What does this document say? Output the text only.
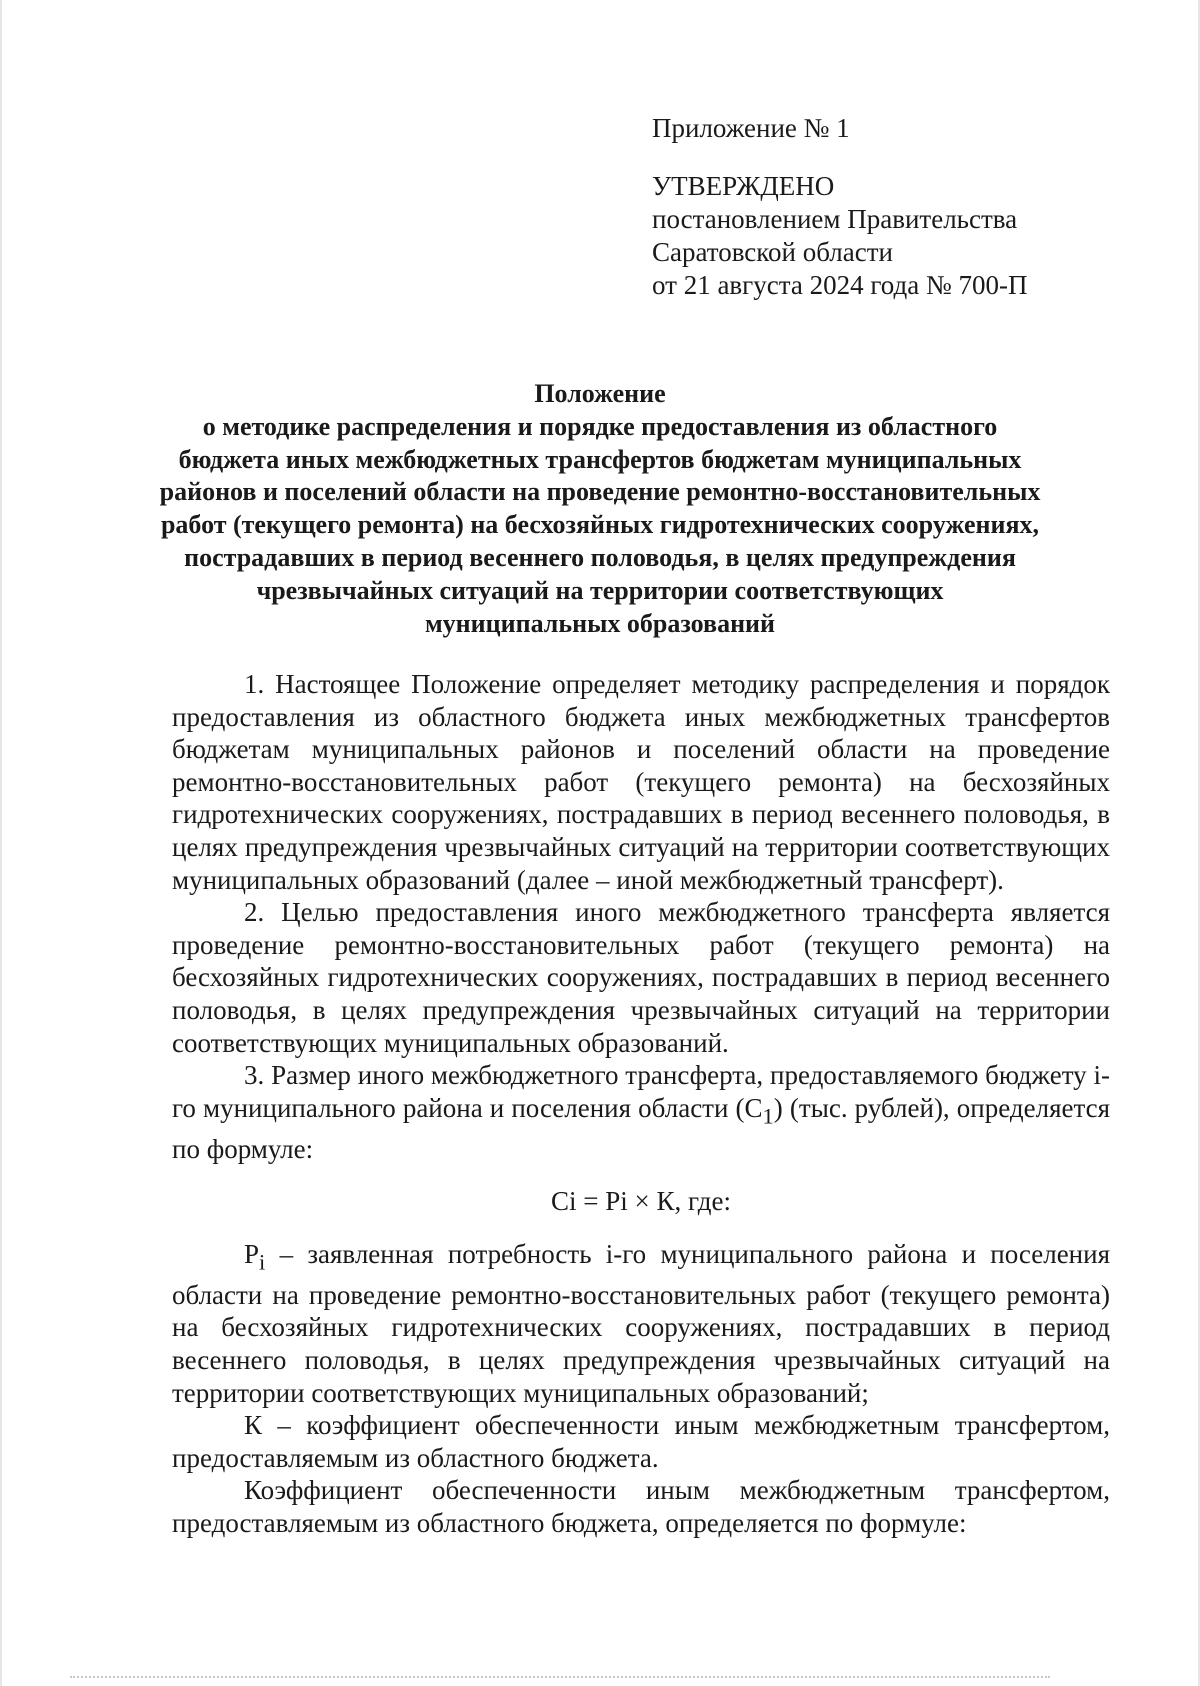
Приложение № 1
УТВЕРЖДЕНО
постановлением Правительства
Саратовской области
от 21 августа 2024 года № 700-П
Положение
о методике распределения и порядке предоставления из областного
бюджета иных межбюджетных трансфертов бюджетам муниципальных
районов и поселений области на проведение ремонтно-восстановительных
работ (текущего ремонта) на бесхозяйных гидротехнических сооружениях,
пострадавших в период весеннего половодья, в целях предупреждения
чрезвычайных ситуаций на территории соответствующих
муниципальных образований

1. Настоящее Положение определяет методику распределения и порядок предоставления из областного бюджета иных межбюджетных трансфертов бюджетам муниципальных районов и поселений области на проведение ремонтно-восстановительных работ (текущего ремонта) на бесхозяйных гидротехнических сооружениях, пострадавших в период весеннего половодья, в целях предупреждения чрезвычайных ситуаций на территории соответствующих муниципальных образований (далее – иной межбюджетный трансферт).

2. Целью предоставления иного межбюджетного трансферта является проведение ремонтно-восстановительных работ (текущего ремонта) на бесхозяйных гидротехнических сооружениях, пострадавших в период весеннего половодья, в целях предупреждения чрезвычайных ситуаций на территории соответствующих муниципальных образований.

3. Размер иного межбюджетного трансферта, предоставляемого бюджету i-го муниципального района и поселения области $(С_1)$ (тыс. рублей), определяется по формуле:

Сi = Рi × К, где:

$Р_i$ – заявленная потребность i-го муниципального района и поселения области на проведение ремонтно-восстановительных работ (текущего ремонта) на бесхозяйных гидротехнических сооружениях, пострадавших в период весеннего половодья, в целях предупреждения чрезвычайных ситуаций на территории соответствующих муниципальных образований;

К – коэффициент обеспеченности иным межбюджетным трансфертом, предоставляемым из областного бюджета.

Коэффициент обеспеченности иным межбюджетным трансфертом, предоставляемым из областного бюджета, определяется по формуле:
